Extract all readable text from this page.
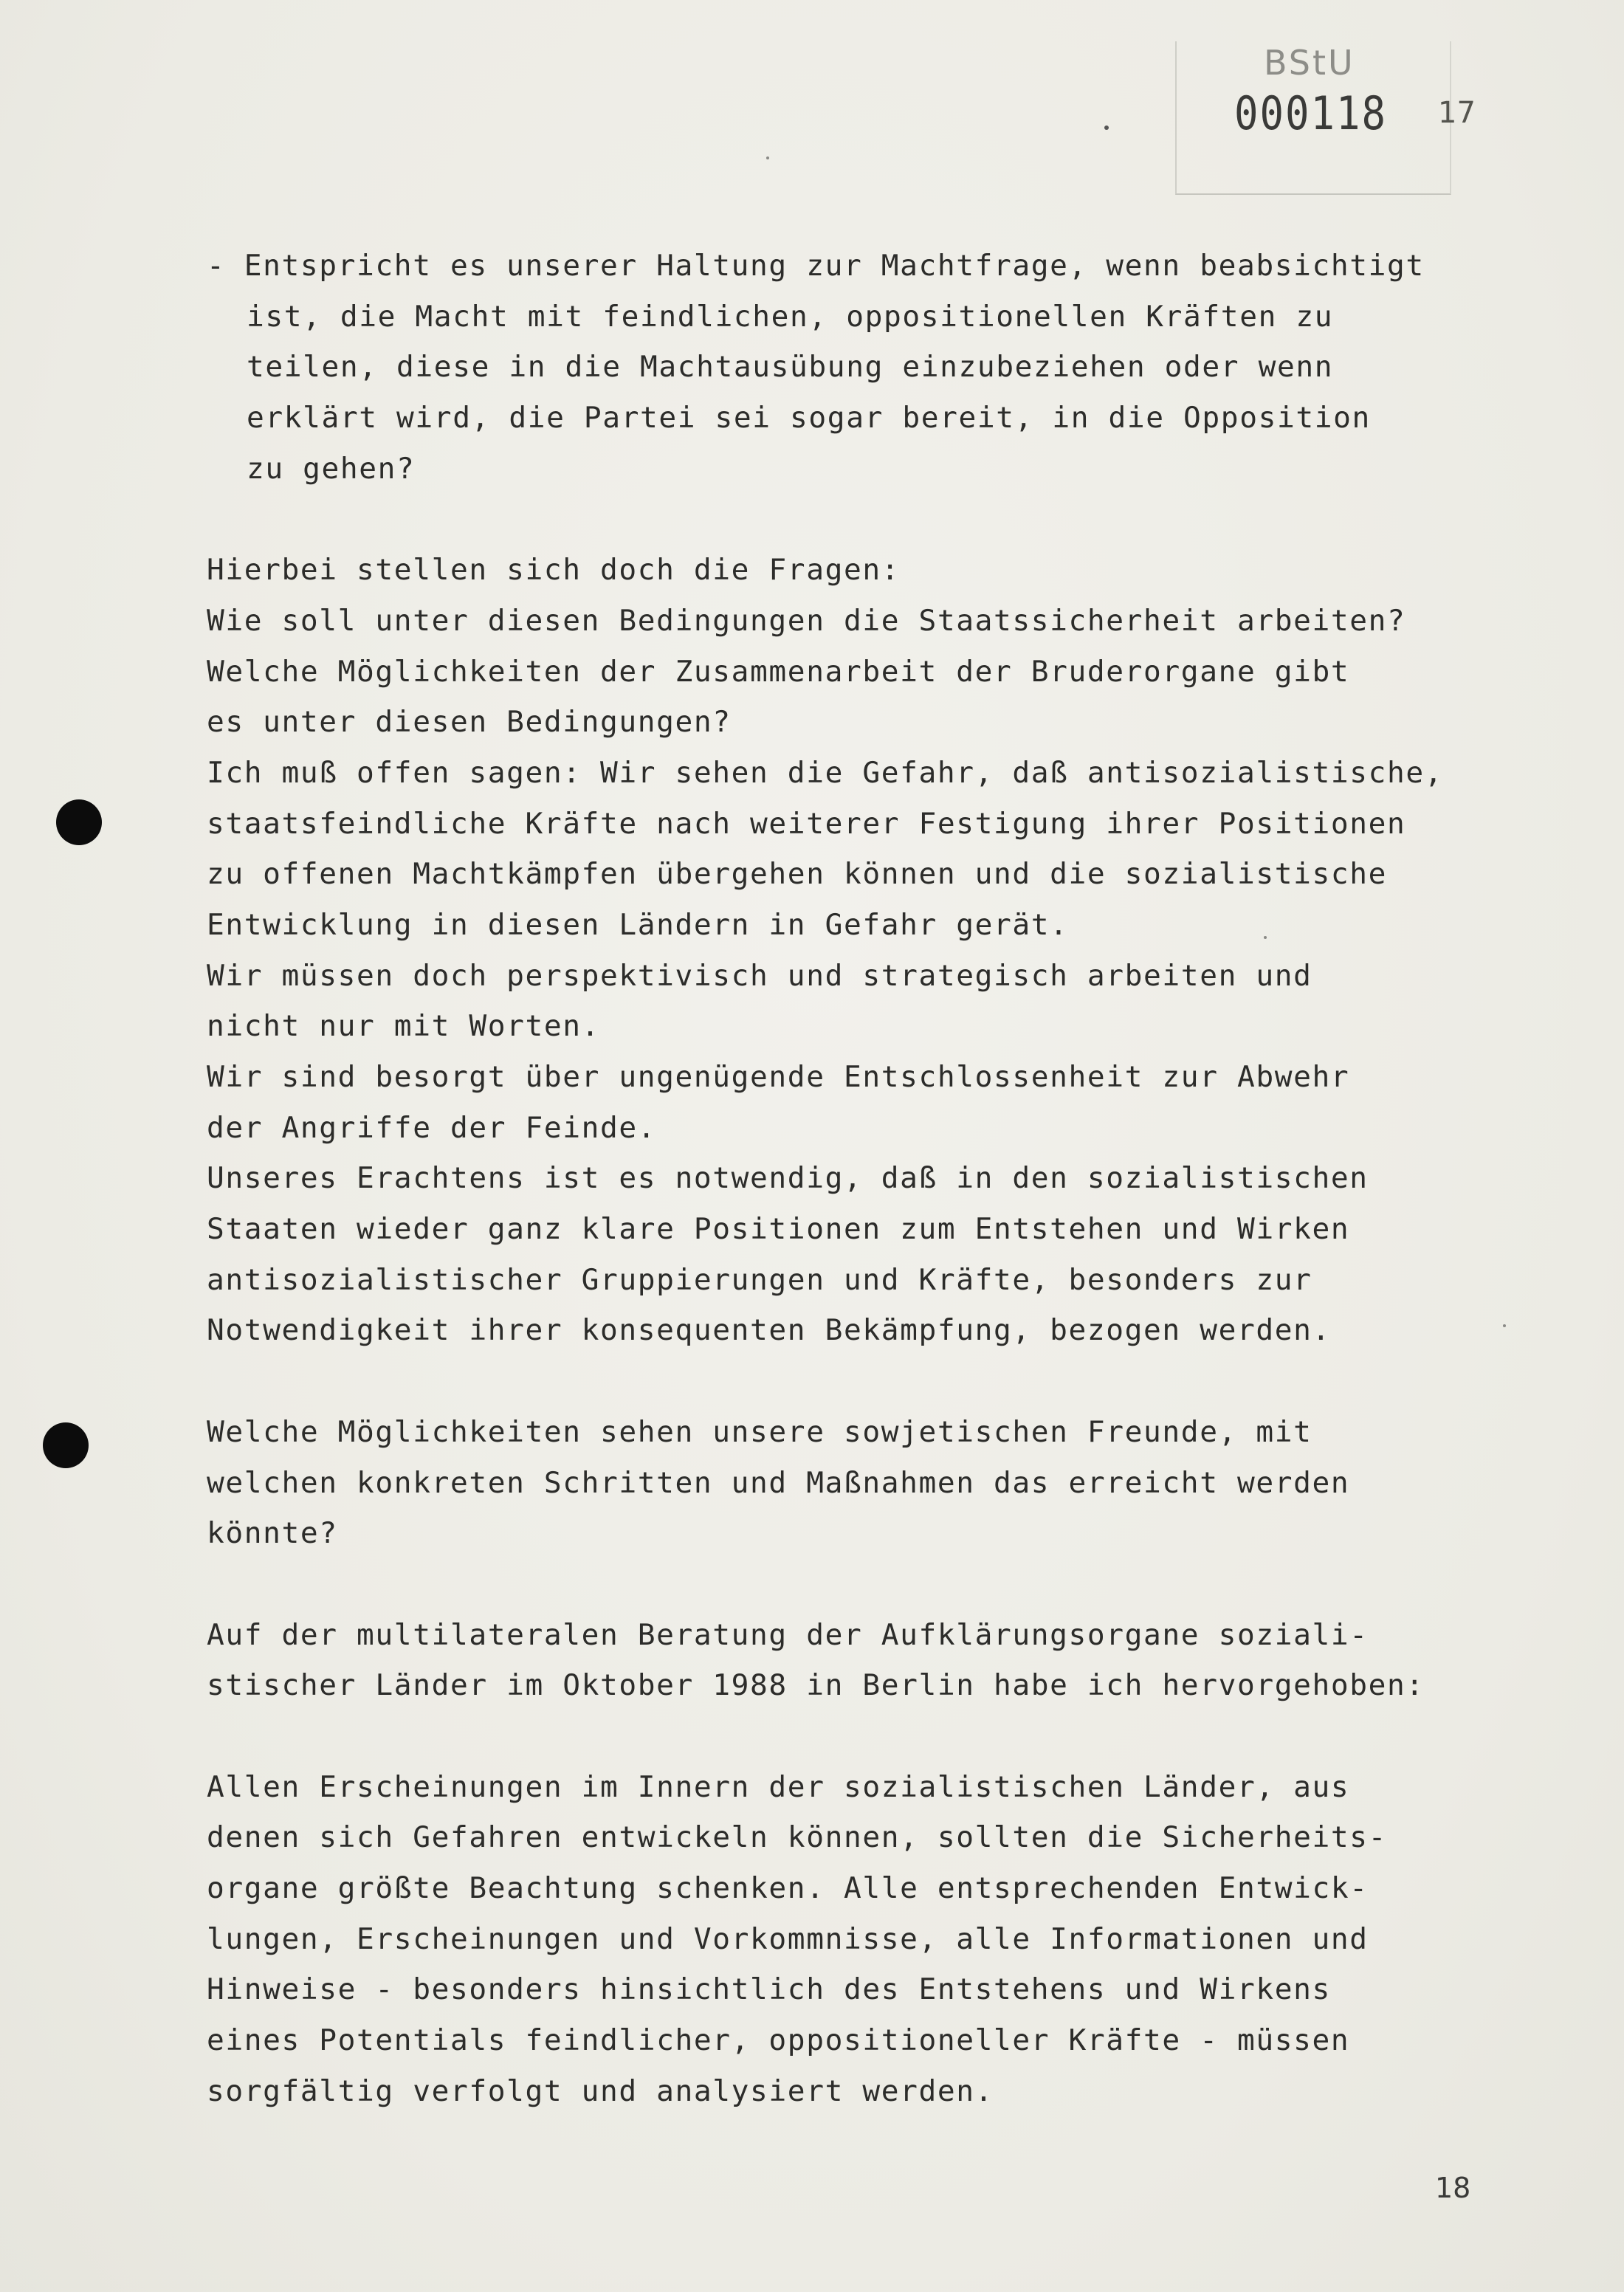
BStU
000118 17
- Entspricht es unserer Haltung zur Machtfrage, wenn beabsichtigt
ist, die Macht mit feindlichen, oppositionellen Kräften zu
teilen, diese in die Machtausübung einzubeziehen oder wenn
erklärt wird, die Partei sei sogar bereit, in die Opposition
zu gehen?
Hierbei stellen sich doch die Fragen:
Wie soll unter diesen Bedingungen die Staatssicherheit arbeiten?
Welche Möglichkeiten der Zusammenarbeit der Bruderorgane gibt
es unter diesen Bedingungen?
Ich muß offen sagen: Wir sehen die Gefahr, daß antisozialistische,
staatsfeindliche Kräfte nach weiterer Festigung ihrer Positionen
zu offenen Machtkämpfen übergehen können und die sozialistische
Entwicklung in diesen Ländern in Gefahr gerät.
Wir müssen doch perspektivisch und strategisch arbeiten und
nicht nur mit Worten.
Wir sind besorgt über ungenügende Entschlossenheit zur Abwehr
der Angriffe der Feinde.
Unseres Erachtens ist es notwendig, daß in den sozialistischen
Staaten wieder ganz klare Positionen zum Entstehen und Wirken
antisozialistischer Gruppierungen und Kräfte, besonders zur
Notwendigkeit ihrer konsequenten Bekämpfung, bezogen werden.
Welche Möglichkeiten sehen unsere sowjetischen Freunde, mit
welchen konkreten Schritten und Maßnahmen das erreicht werden
könnte?
Auf der multilateralen Beratung der Aufklärungsorgane soziali-
stischer Länder im Oktober 1988 in Berlin habe ich hervorgehoben:
Allen Erscheinungen im Innern der sozialistischen Länder, aus
denen sich Gefahren entwickeln können, sollten die Sicherheits-
organe größte Beachtung schenken. Alle entsprechenden Entwick-
lungen, Erscheinungen und Vorkommnisse, alle Informationen und
Hinweise - besonders hinsichtlich des Entstehens und Wirkens
eines Potentials feindlicher, oppositioneller Kräfte - müssen
sorgfältig verfolgt und analysiert werden.
18
